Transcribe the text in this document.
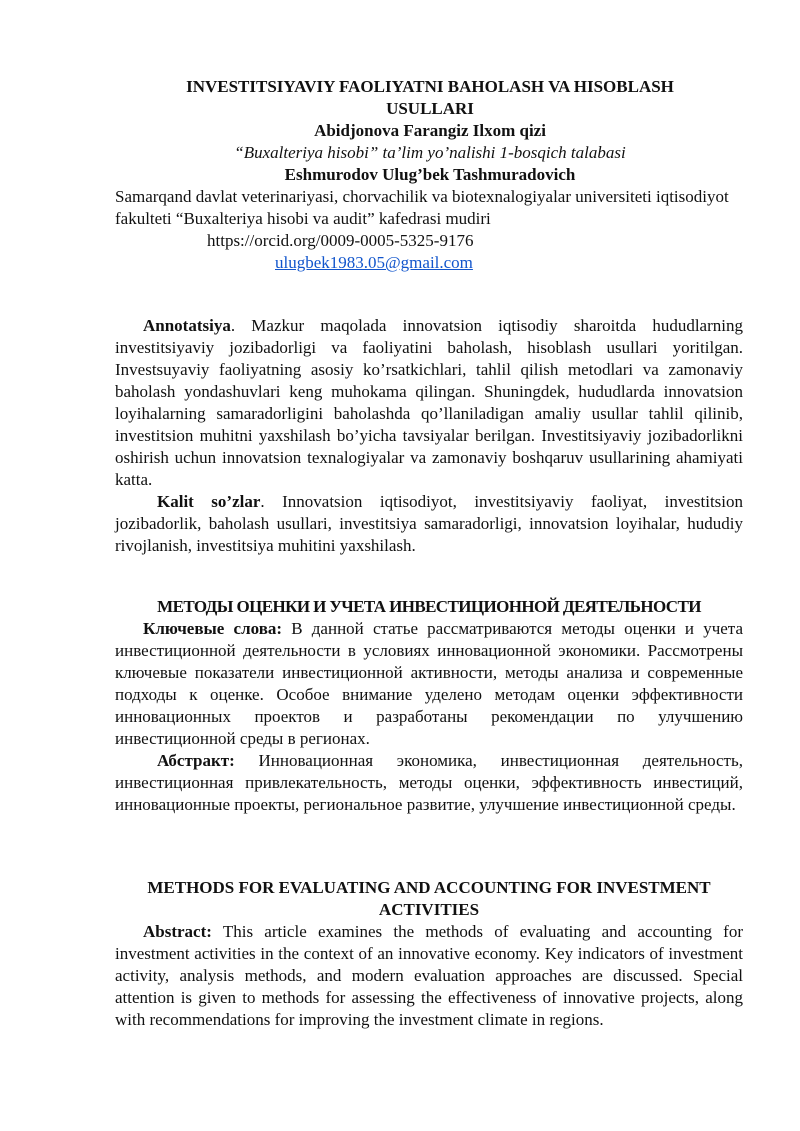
INVESTITSIYAVIY FAOLIYATNI BAHOLASH VA HISOBLASH USULLARI

Abidjonova Farangiz Ilxom qizi
“Buxalteriya hisobi” ta’lim yo’nalishi 1-bosqich talabasi
Eshmurodov Ulug’bek Tashmuradovich
Samarqand davlat veterinariyasi, chorvachilik va biotexnalogiyalar universiteti iqtisodiyot fakulteti “Buxalteriya hisobi va audit” kafedrasi mudiri
https://orcid.org/0009-0005-5325-9176
ulugbek1983.05@gmail.com
Annotatsiya. Mazkur maqolada innovatsion iqtisodiy sharoitda hududlarning investitsiyaviy jozibadorligi va faoliyatini baholash, hisoblash usullari yoritilgan. Investsuyaviy faoliyatning asosiy ko’rsatkichlari, tahlil qilish metodlari va zamonaviy baholash yondashuvlari keng muhokama qilingan. Shuningdek, hududlarda innovatsion loyihalarning samaradorligini baholashda qo’llaniladigan amaliy usullar tahlil qilinib, investitsion muhitni yaxshilash bo’yicha tavsiyalar berilgan. Investitsiyaviy jozibadorlikni oshirish uchun innovatsion texnalogiyalar va zamonaviy boshqaruv usullarining ahamiyati katta.
Kalit so’zlar. Innovatsion iqtisodiyot, investitsiyaviy faoliyat, investitsion jozibadorlik, baholash usullari, investitsiya samaradorligi, innovatsion loyihalar, hududiy rivojlanish, investitsiya muhitini yaxshilash.

МЕТОДЫ ОЦЕНКИ И УЧЕТА ИНВЕСТИЦИОННОЙ ДЕЯТЕЛЬНОСТИ

Ключевые слова: В данной статье рассматриваются методы оценки и учета инвестиционной деятельности в условиях инновационной экономики. Рассмотрены ключевые показатели инвестиционной активности, методы анализа и современные подходы к оценке. Особое внимание уделено методам оценки эффективности инновационных проектов и разработаны рекомендации по улучшению инвестиционной среды в регионах.
Абстракт: Инновационная экономика, инвестиционная деятельность, инвестиционная привлекательность, методы оценки, эффективность инвестиций, инновационные проекты, региональное развитие, улучшение инвестиционной среды.

METHODS FOR EVALUATING AND ACCOUNTING FOR INVESTMENT ACTIVITIES

Abstract: This article examines the methods of evaluating and accounting for investment activities in the context of an innovative economy. Key indicators of investment activity, analysis methods, and modern evaluation approaches are discussed. Special attention is given to methods for assessing the effectiveness of innovative projects, along with recommendations for improving the investment climate in regions.
